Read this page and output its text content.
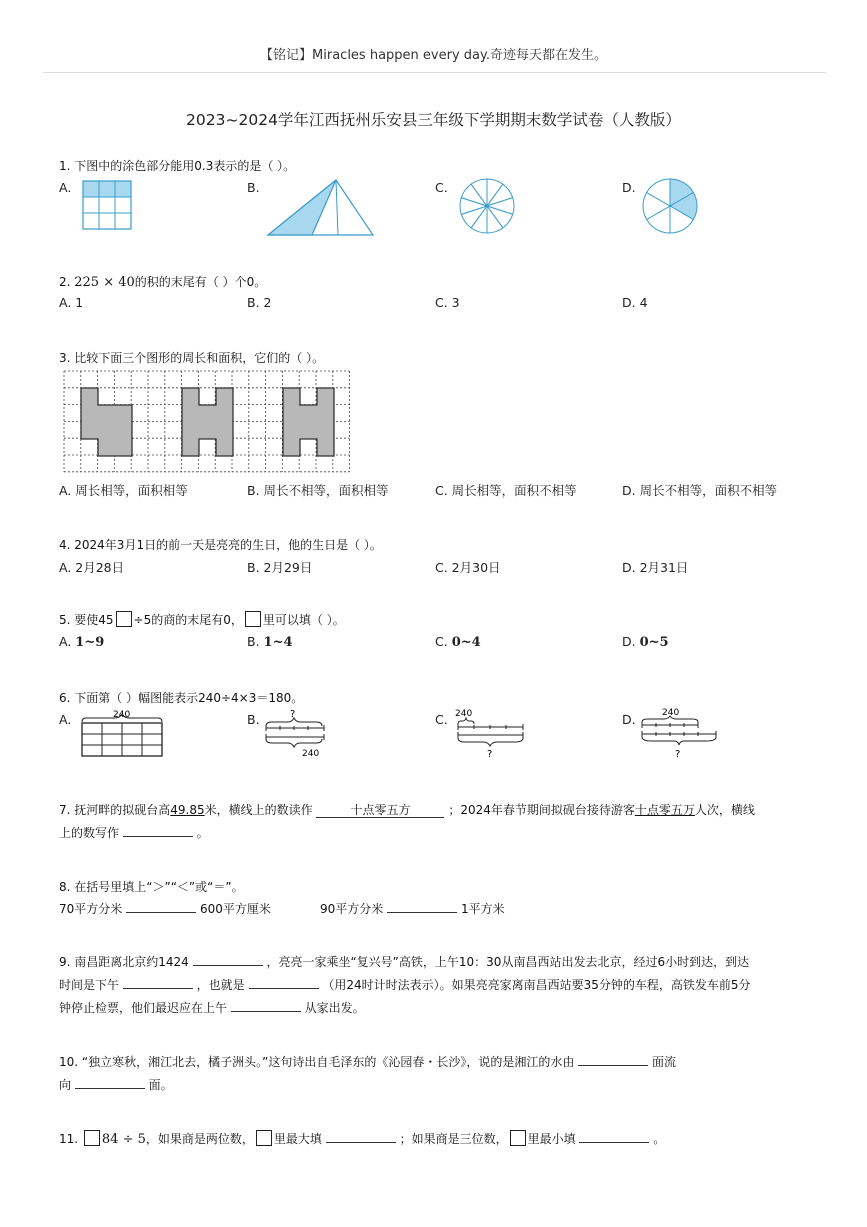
【铭记】Miracles happen every day.奇迹每天都在发生。
2023~2024学年江西抚州乐安县三年级下学期期末数学试卷（人教版）
1. 下图中的涂色部分能用0.3表示的是（ ）。
A.	B.	C.	D.
2. 225 × 40的积的末尾有（ ）个0。
A. 1	B. 2	C. 3	D. 4
3. 比较下面三个图形的周长和面积，它们的（ ）。
A. 周长相等，面积相等	B. 周长不相等，面积相等	C. 周长相等，面积不相等	D. 周长不相等，面积不相等
4. 2024年3月1日的前一天是亮亮的生日，他的生日是（ ）。
A. 2月28日	B. 2月29日	C. 2月30日	D. 2月31日
5. 要使45 ÷5的商的末尾有0， 里可以填（ ）。
A. 1~9	B. 1~4	C. 0~4	D. 0~5
6. 下面第（ ）幅图能表示240÷4×3＝180。
A.	B.	C.	D.
240	?
240
240
?
240
?
7. 抚河畔的拟砚台高49.85米，横线上的数读作	十点零五方	；2024年春节期间拟砚台接待游客十点零五万人次，横线
上的数写作	。
8. 在括号里填上“＞”“＜”或“＝”。
70平方分米	600平方厘米	90平方分米	1平方米
9. 南昌距离北京约1424	，亮亮一家乘坐“复兴号”高铁，上午10：30从南昌西站出发去北京，经过6小时到达，到达
时间是下午	，也就是	（用24时计时法表示）。如果亮亮家离南昌西站要35分钟的车程，高铁发车前5分
钟停止检票，他们最迟应在上午	从家出发。
10. “独立寒秋，湘江北去，橘子洲头。”这句诗出自毛泽东的《沁园春・长沙》，说的是湘江的水由	面流
向	面。
11. 84 ÷ 5，如果商是两位数， 里最大填	；如果商是三位数， 里最小填	。
